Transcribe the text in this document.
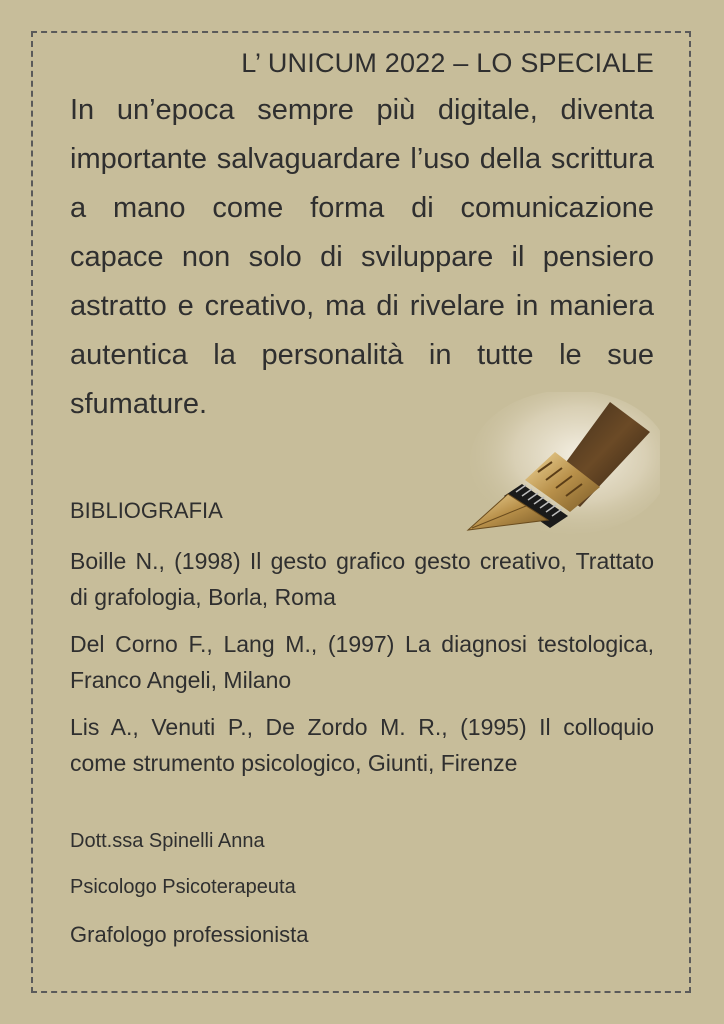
L’ UNICUM 2022 – LO SPECIALE

In un’epoca sempre più digitale, diventa importante salvaguardare l’uso della scrittura a mano come forma di comunicazione capace non solo di sviluppare il pensiero astratto e creativo, ma di rivelare in maniera autentica la personalità in tutte le sue sfumature.

BIBLIOGRAFIA

Boille N., (1998) Il gesto grafico gesto creativo, Trattato di grafologia, Borla, Roma

Del Corno F., Lang M., (1997) La diagnosi testologica, Franco Angeli, Milano

Lis A., Venuti P., De Zordo M. R., (1995) Il colloquio come strumento psicologico, Giunti, Firenze

Dott.ssa Spinelli Anna
Psicologo Psicoterapeuta
Grafologo professionista
